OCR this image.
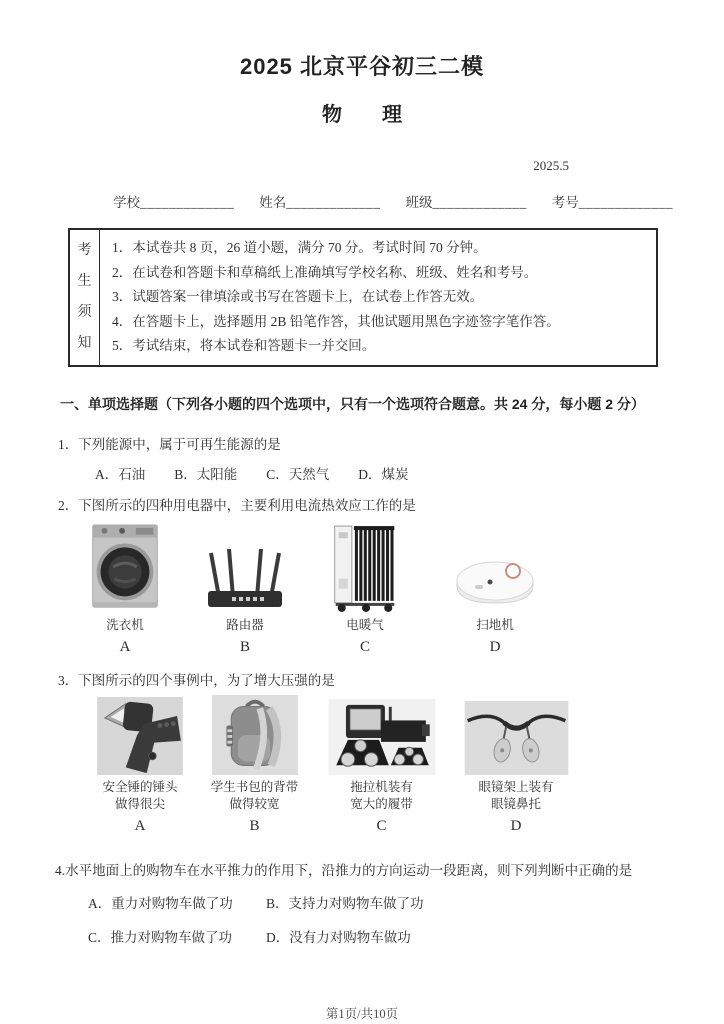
2025 北京平谷初三二模
物　　理
2025.5
学校_____________ 姓名_____________ 班级_____________ 考号_____________
考生须知

1．本试卷共 8 页，26 道小题，满分 70 分。考试时间 70 分钟。

2．在试卷和答题卡和草稿纸上准确填写学校名称、班级、姓名和考号。

3．试题答案一律填涂或书写在答题卡上，在试卷上作答无效。

4．在答题卡上，选择题用 2B 铅笔作答，其他试题用黑色字迹签字笔作答。

5．考试结束，将本试卷和答题卡一并交回。

一、单项选择题（下列各小题的四个选项中，只有一个选项符合题意。共 24 分，每小题 2 分）

1．下列能源中，属于可再生能源的是

A．石油 B．太阳能 C．天然气 D．煤炭

2．下图所示的四种用电器中，主要利用电流热效应工作的是

洗衣机
A
路由器
B
电暖气
C
扫地机
D

3．下图所示的四个事例中，为了增大压强的是

安全锤的锤头
做得很尖
A
学生书包的背带
做得较宽
B
拖拉机装有
宽大的履带
C
眼镜架上装有
眼镜鼻托
D

4.水平地面上的购物车在水平推力的作用下，沿推力的方向运动一段距离，则下列判断中正确的是

A．重力对购物车做了功	B．支持力对购物车做了功
C．推力对购物车做了功	D．没有力对购物车做功
第1页/共10页
